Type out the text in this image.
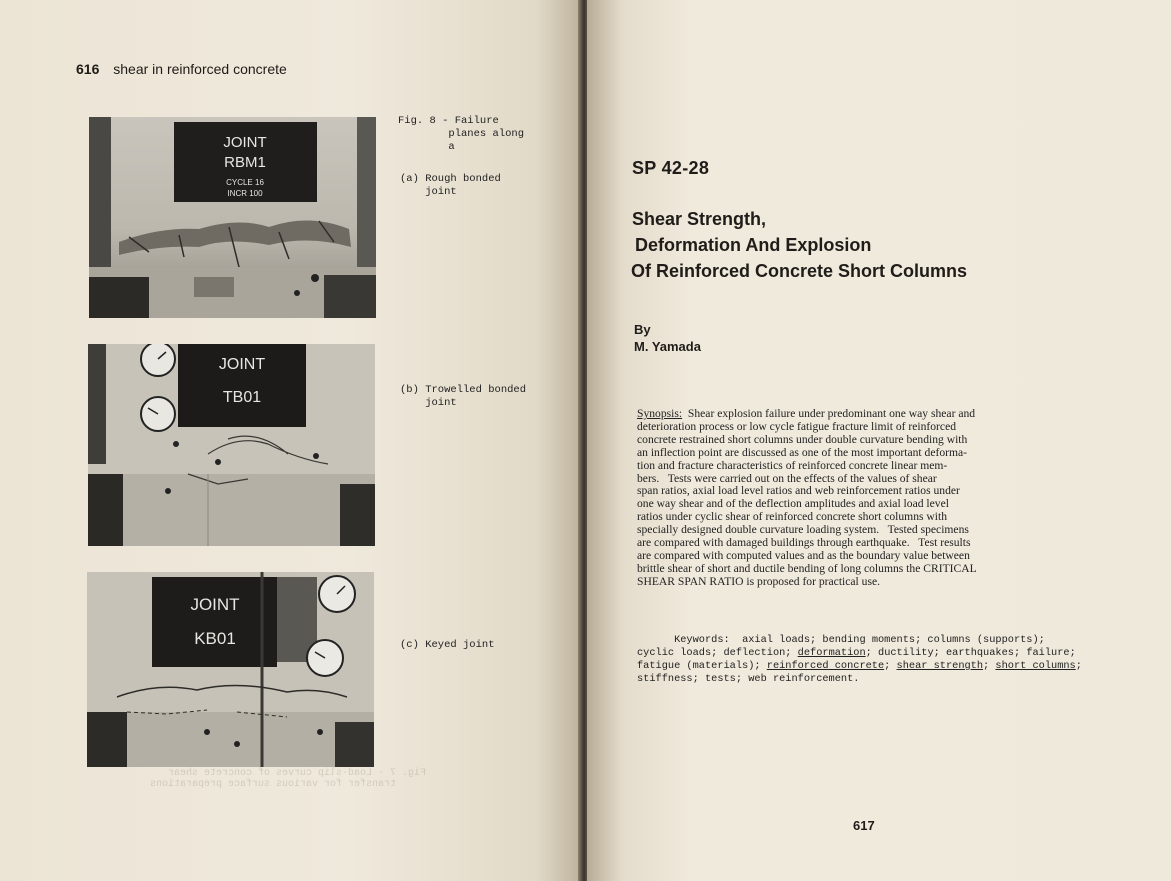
616 shear in reinforced concrete
Fig. 7 - Load-slip curves of concrete shear
transfer for various surface preparations
JOINT
RBM1
CYCLE 16
INCR 100
JOINT
TB01
JOINT
KB01
Fig. 8 - Failure
planes along
a
(a) Rough bonded
joint
(b) Trowelled bonded
joint
(c) Keyed joint
SP 42-28
Shear Strength,
Deformation And Explosion
Of Reinforced Concrete Short Columns
By
M. Yamada
Synopsis: Shear explosion failure under predominant one way shear and
deterioration process or low cycle fatigue fracture limit of reinforced
concrete restrained short columns under double curvature bending with
an inflection point are discussed as one of the most important deforma-
tion and fracture characteristics of reinforced concrete linear mem-
bers.   Tests were carried out on the effects of the values of shear
span ratios, axial load level ratios and web reinforcement ratios under
one way shear and of the deflection amplitudes and axial load level
ratios under cyclic shear of reinforced concrete short columns with
specially designed double curvature loading system.   Tested specimens
are compared with damaged buildings through earthquake.   Test results
are compared with computed values and as the boundary value between
brittle shear of short and ductile bending of long columns the CRITICAL
SHEAR SPAN RATIO is proposed for practical use.
Keywords: axial loads; bending moments; columns (supports);
cyclic loads; deflection; deformation; ductility; earthquakes; failure;
fatigue (materials); reinforced concrete; shear strength; short columns;
stiffness; tests; web reinforcement.
617
